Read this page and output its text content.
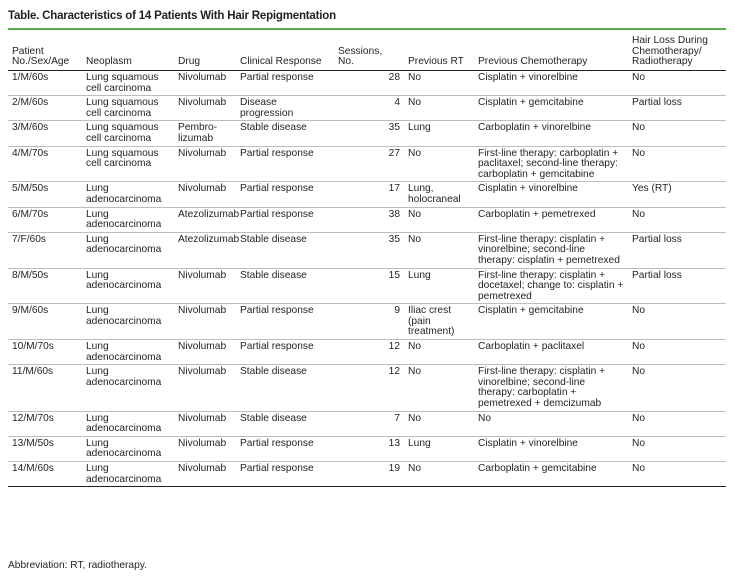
Table. Characteristics of 14 Patients With Hair Repigmentation
Patient No./Sex/Age	Neoplasm	Drug	Clinical Response	Sessions, No.	Previous RT	Previous Chemotherapy	Hair Loss During Chemotherapy/ Radiotherapy
1/M/60s	Lung squamous cell carcinoma	Nivolumab	Partial response	28	No	Cisplatin + vinorelbine	No
2/M/60s	Lung squamous cell carcinoma	Nivolumab	Disease progression	4	No	Cisplatin + gemcitabine	Partial loss
3/M/60s	Lung squamous cell carcinoma	Pembro-lizumab	Stable disease	35	Lung	Carboplatin + vinorelbine	No
4/M/70s	Lung squamous cell carcinoma	Nivolumab	Partial response	27	No	First-line therapy: carboplatin + paclitaxel; second-line therapy: carboplatin + gemcitabine	No
5/M/50s	Lung adenocarcinoma	Nivolumab	Partial response	17	Lung, holocraneal	Cisplatin + vinorelbine	Yes (RT)
6/M/70s	Lung adenocarcinoma	Atezolizumab	Partial response	38	No	Carboplatin + pemetrexed	No
7/F/60s	Lung adenocarcinoma	Atezolizumab	Stable disease	35	No	First-line therapy: cisplatin + vinorelbine; second-line therapy: cisplatin + pemetrexed	Partial loss
8/M/50s	Lung adenocarcinoma	Nivolumab	Stable disease	15	Lung	First-line therapy: cisplatin + docetaxel; change to: cisplatin + pemetrexed	Partial loss
9/M/60s	Lung adenocarcinoma	Nivolumab	Partial response	9	Iliac crest (pain treatment)	Cisplatin + gemcitabine	No
10/M/70s	Lung adenocarcinoma	Nivolumab	Partial response	12	No	Carboplatin + paclitaxel	No
11/M/60s	Lung adenocarcinoma	Nivolumab	Stable disease	12	No	First-line therapy: cisplatin + vinorelbine; second-line therapy: carboplatin + pemetrexed + demcizumab	No
12/M/70s	Lung adenocarcinoma	Nivolumab	Stable disease	7	No	No	No
13/M/50s	Lung adenocarcinoma	Nivolumab	Partial response	13	Lung	Cisplatin + vinorelbine	No
14/M/60s	Lung adenocarcinoma	Nivolumab	Partial response	19	No	Carboplatin + gemcitabine	No
Abbreviation: RT, radiotherapy.
